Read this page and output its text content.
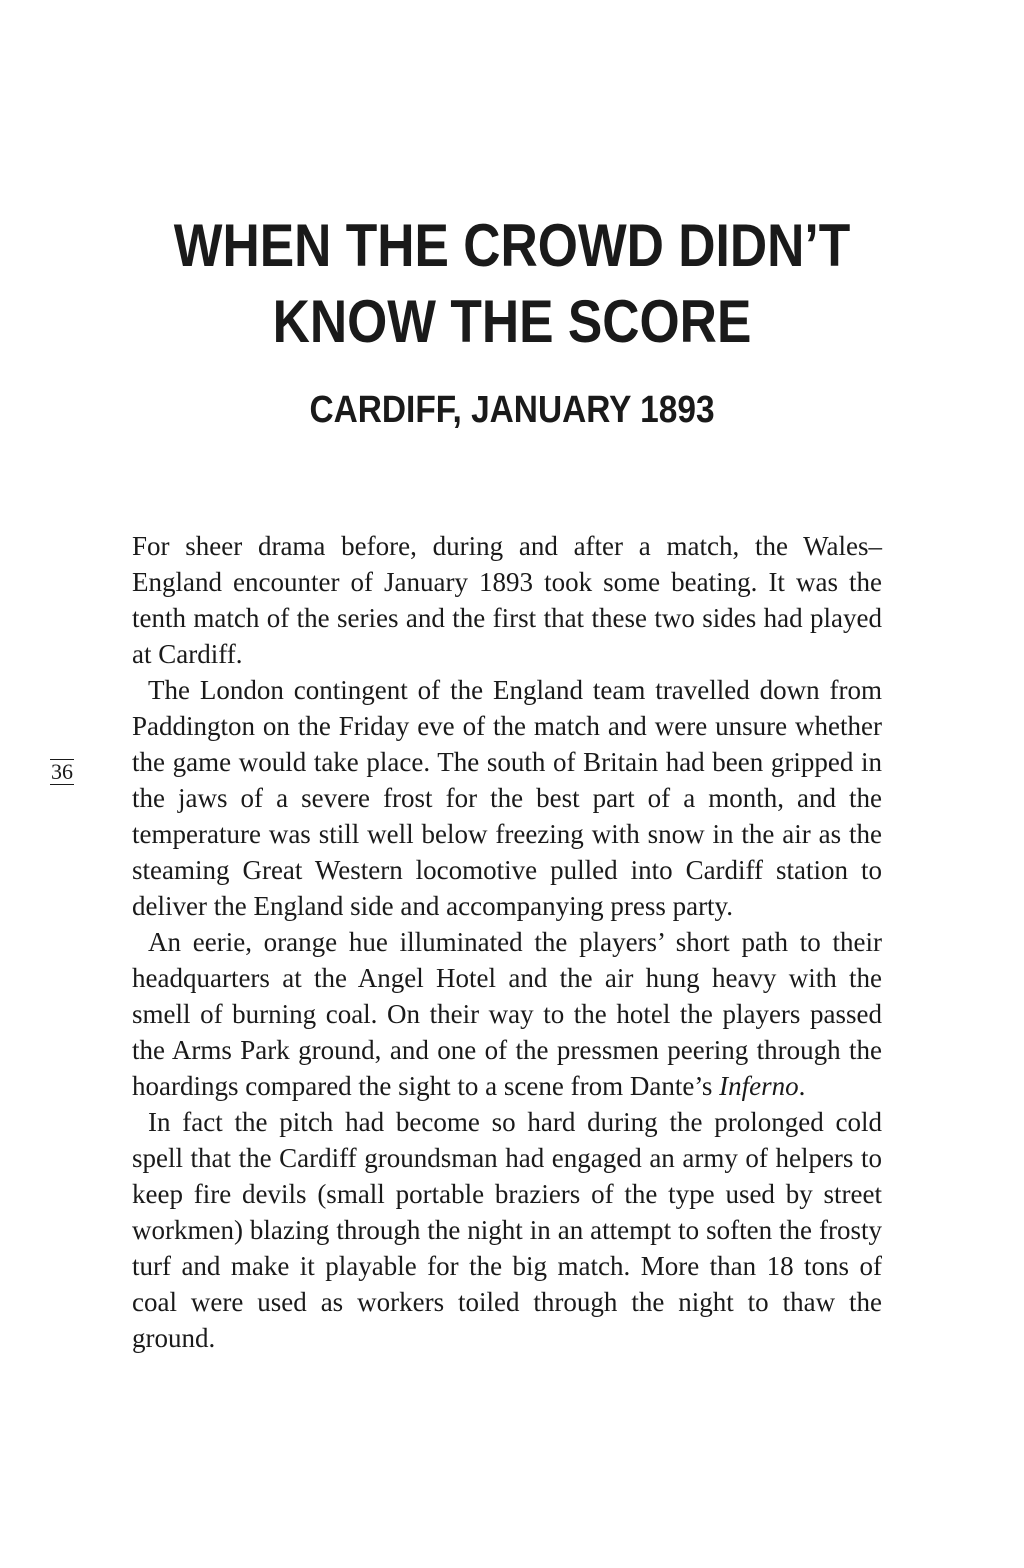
WHEN THE CROWD DIDN’T
KNOW THE SCORE
CARDIFF, JANUARY 1893
36

For sheer drama before, during and after a match, the Wales–England encounter of January 1893 took some beating. It was the tenth match of the series and the first that these two sides had played at Cardiff.

The London contingent of the England team travelled down from Paddington on the Friday eve of the match and were unsure whether the game would take place. The south of Britain had been gripped in the jaws of a severe frost for the best part of a month, and the temperature was still well below freezing with snow in the air as the steaming Great Western locomotive pulled into Cardiff station to deliver the England side and accompanying press party.

An eerie, orange hue illuminated the players’ short path to their headquarters at the Angel Hotel and the air hung heavy with the smell of burning coal. On their way to the hotel the players passed the Arms Park ground, and one of the pressmen peering through the hoardings compared the sight to a scene from Dante’s Inferno.

In fact the pitch had become so hard during the prolonged cold spell that the Cardiff groundsman had engaged an army of helpers to keep fire devils (small portable braziers of the type used by street workmen) blazing through the night in an attempt to soften the frosty turf and make it playable for the big match. More than 18 tons of coal were used as workers toiled through the night to thaw the ground.
